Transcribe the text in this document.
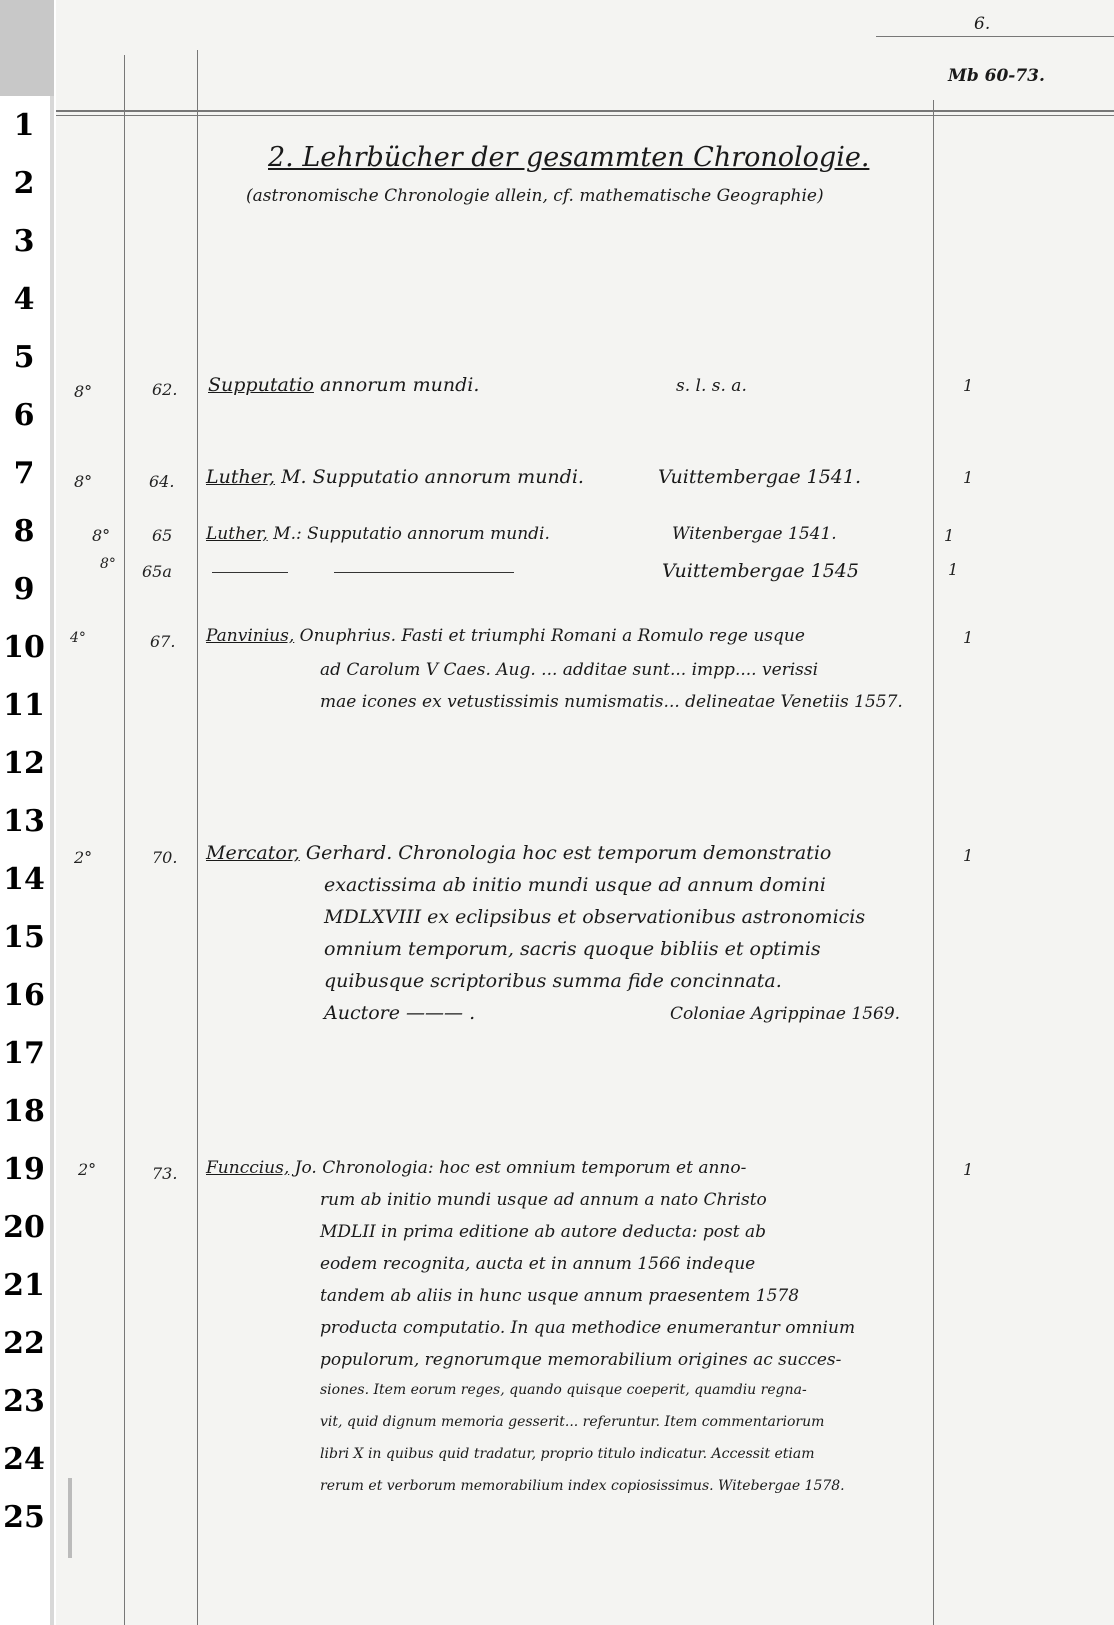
1
2
3
4
5
6
7
8
9
10
11
12
13
14
15
16
17
18
19
20
21
22
23
24
25
6.
Mb 60-73.
2. Lehrbücher der gesammten Chronologie.
(astronomische Chronologie allein, cf. mathematische Geographie)
8°	62. Supputatio annorum mundi.	s. l. s. a.	1
8°	64. Luther, M. Supputatio annorum mundi.	Vuittembergae 1541.	1
8°	65 Luther, M.: Supputatio annorum mundi.	Witenbergae 1541.	1
8° 65a	Vuittembergae 1545	1
4°	67. Panvinius, Onuphrius. Fasti et triumphi Romani a Romulo rege usque
ad Carolum V Caes. Aug. ... additae sunt... impp.... verissi
mae icones ex vetustissimis numismatis... delineatae Venetiis 1557.
1
2°	70. Mercator, Gerhard. Chronologia hoc est temporum demonstratio
exactissima ab initio mundi usque ad annum domini
MDLXVIII ex eclipsibus et observationibus astronomicis
omnium temporum, sacris quoque bibliis et optimis
quibusque scriptoribus summa fide concinnata.
Auctore ——— .	Coloniae Agrippinae 1569.
1
2°	73. Funccius, Jo. Chronologia: hoc est omnium temporum et anno-
rum ab initio mundi usque ad annum a nato Christo
MDLII in prima editione ab autore deducta: post ab
eodem recognita, aucta et in annum 1566 indeque
tandem ab aliis in hunc usque annum praesentem 1578
producta computatio. In qua methodice enumerantur omnium
populorum, regnorumque memorabilium origines ac succes-
siones. Item eorum reges, quando quisque coeperit, quamdiu regna-
vit, quid dignum memoria gesserit... referuntur. Item commentariorum
libri X in quibus quid tradatur, proprio titulo indicatur. Accessit etiam
rerum et verborum memorabilium index copiosissimus. Witebergae 1578.
1
